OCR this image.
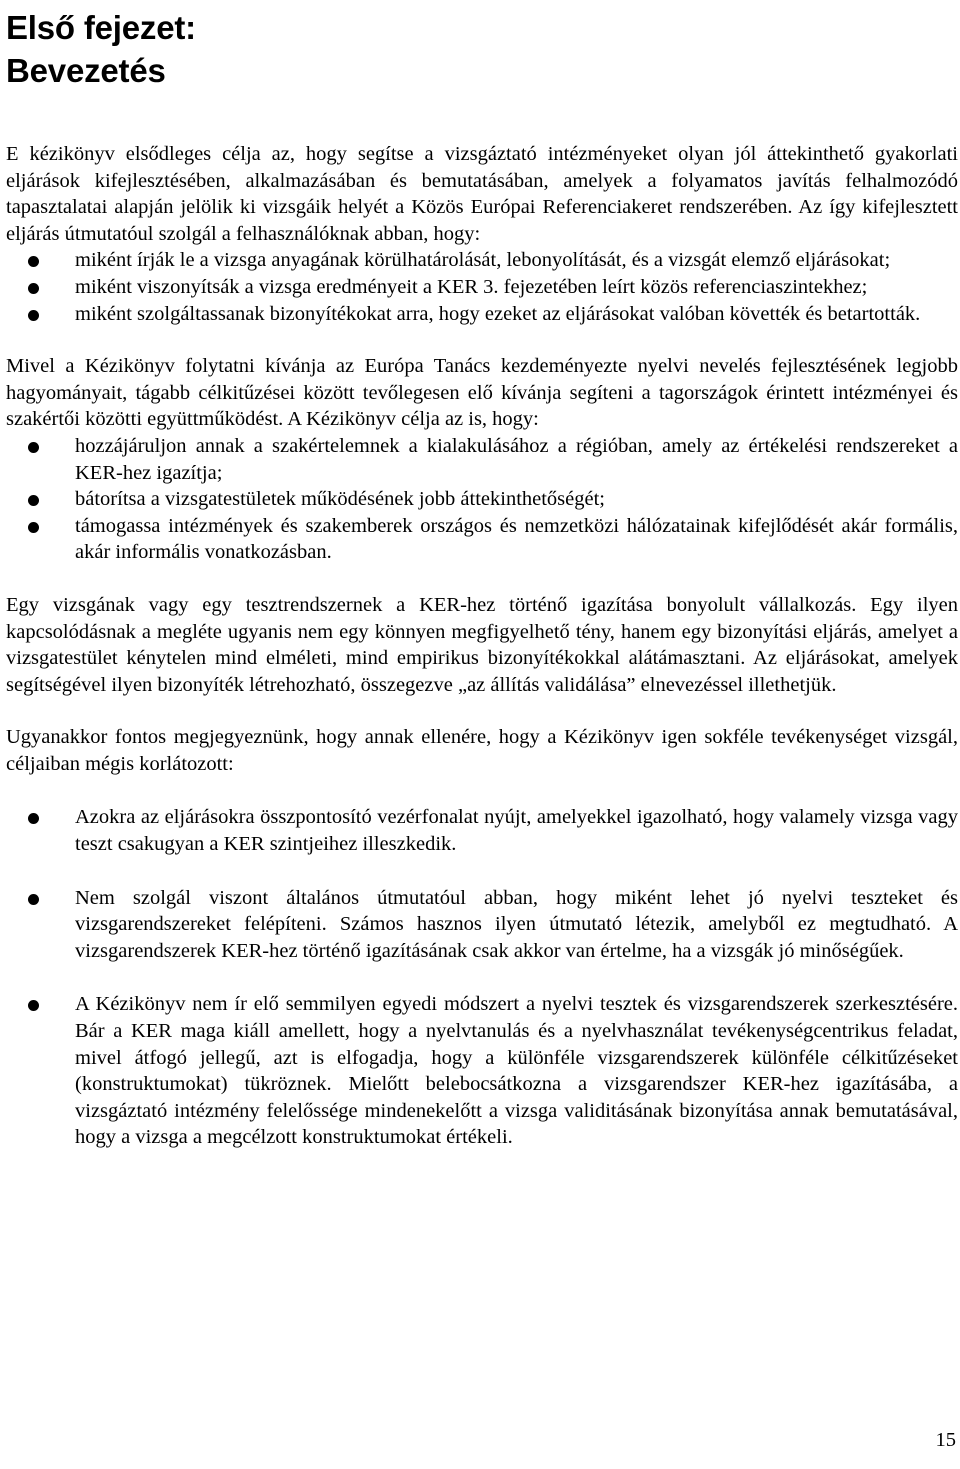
Első fejezet:
Bevezetés

E kézikönyv elsődleges célja az, hogy segítse a vizsgáztató intézményeket olyan jól áttekinthető gyakorlati eljárások kifejlesztésében, alkalmazásában és bemutatásában, amelyek a folyamatos javítás felhalmozódó tapasztalatai alapján jelölik ki vizsgáik helyét a Közös Európai Referenciakeret rendszerében. Az így kifejlesztett eljárás útmutatóul szolgál a felhasználóknak abban, hogy:

miként írják le a vizsga anyagának körülhatárolását, lebonyolítását, és a vizsgát elemző eljárásokat;
miként viszonyítsák a vizsga eredményeit a KER 3. fejezetében leírt közös referenciaszintekhez;
miként szolgáltassanak bizonyítékokat arra, hogy ezeket az eljárásokat valóban követték és betartották.

Mivel a Kézikönyv folytatni kívánja az Európa Tanács kezdeményezte nyelvi nevelés fejlesztésének legjobb hagyományait, tágabb célkitűzései között tevőlegesen elő kívánja segíteni a tagországok érintett intézményei és szakértői közötti együttműködést. A Kézikönyv célja az is, hogy:

hozzájáruljon annak a szakértelemnek a kialakulásához a régióban, amely az értékelési rendszereket a KER-hez igazítja;
bátorítsa a vizsgatestületek működésének jobb áttekinthetőségét;
támogassa intézmények és szakemberek országos és nemzetközi hálózatainak kifejlődését akár formális, akár informális vonatkozásban.

Egy vizsgának vagy egy tesztrendszernek a KER-hez történő igazítása bonyolult vállalkozás. Egy ilyen kapcsolódásnak a megléte ugyanis nem egy könnyen megfigyelhető tény, hanem egy bizonyítási eljárás, amelyet a vizsgatestület kénytelen mind elméleti, mind empirikus bizonyítékokkal alátámasztani. Az eljárásokat, amelyek segítségével ilyen bizonyíték létrehozható, összegezve „az állítás validálása” elnevezéssel illethetjük.

Ugyanakkor fontos megjegyeznünk, hogy annak ellenére, hogy a Kézikönyv igen sokféle tevékenységet vizsgál, céljaiban mégis korlátozott:

Azokra az eljárásokra összpontosító vezérfonalat nyújt, amelyekkel igazolható, hogy valamely vizsga vagy teszt csakugyan a KER szintjeihez illeszkedik.
Nem szolgál viszont általános útmutatóul abban, hogy miként lehet jó nyelvi teszteket és vizsgarendszereket felépíteni. Számos hasznos ilyen útmutató létezik, amelyből ez megtudható. A vizsgarendszerek KER-hez történő igazításának csak akkor van értelme, ha a vizsgák jó minőségűek.
A Kézikönyv nem ír elő semmilyen egyedi módszert a nyelvi tesztek és vizsgarendszerek szerkesztésére. Bár a KER maga kiáll amellett, hogy a nyelvtanulás és a nyelvhasználat tevékenységcentrikus feladat, mivel átfogó jellegű, azt is elfogadja, hogy a különféle vizsgarendszerek különféle célkitűzéseket (konstruktumokat) tükröznek. Mielőtt belebocsátkozna a vizsgarendszer KER-hez igazításába, a vizsgáztató intézmény felelőssége mindenekelőtt a vizsga validitásának bizonyítása annak bemutatásával, hogy a vizsga a megcélzott konstruktumokat értékeli.
15
